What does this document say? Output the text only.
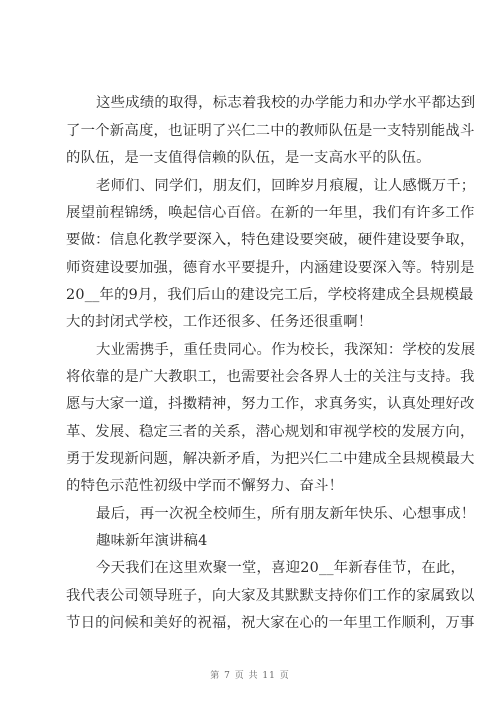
这些成绩的取得，标志着我校的办学能力和办学水平都达到
了一个新高度，也证明了兴仁二中的教师队伍是一支特别能战斗
的队伍，是一支值得信赖的队伍，是一支高水平的队伍。
老师们、同学们，朋友们，回眸岁月痕履，让人感慨万千；
展望前程锦绣，唤起信心百倍。在新的一年里，我们有许多工作
要做：信息化教学要深入，特色建设要突破，硬件建设要争取，
师资建设要加强，德育水平要提升，内涵建设要深入等。特别是
20__年的9月，我们后山的建设完工后，学校将建成全县规模最
大的封闭式学校，工作还很多、任务还很重啊！
大业需携手，重任贵同心。作为校长，我深知：学校的发展
将依靠的是广大教职工，也需要社会各界人士的关注与支持。我
愿与大家一道，抖擞精神，努力工作，求真务实，认真处理好改
革、发展、稳定三者的关系，潜心规划和审视学校的发展方向，
勇于发现新问题，解决新矛盾，为把兴仁二中建成全县规模最大
的特色示范性初级中学而不懈努力、奋斗！
最后，再一次祝全校师生，所有朋友新年快乐、心想事成！
趣味新年演讲稿4
今天我们在这里欢聚一堂，喜迎20__年新春佳节，在此，
我代表公司领导班子，向大家及其默默支持你们工作的家属致以
节日的问候和美好的祝福，祝大家在心的一年里工作顺利，万事
第 7 页 共 11 页
